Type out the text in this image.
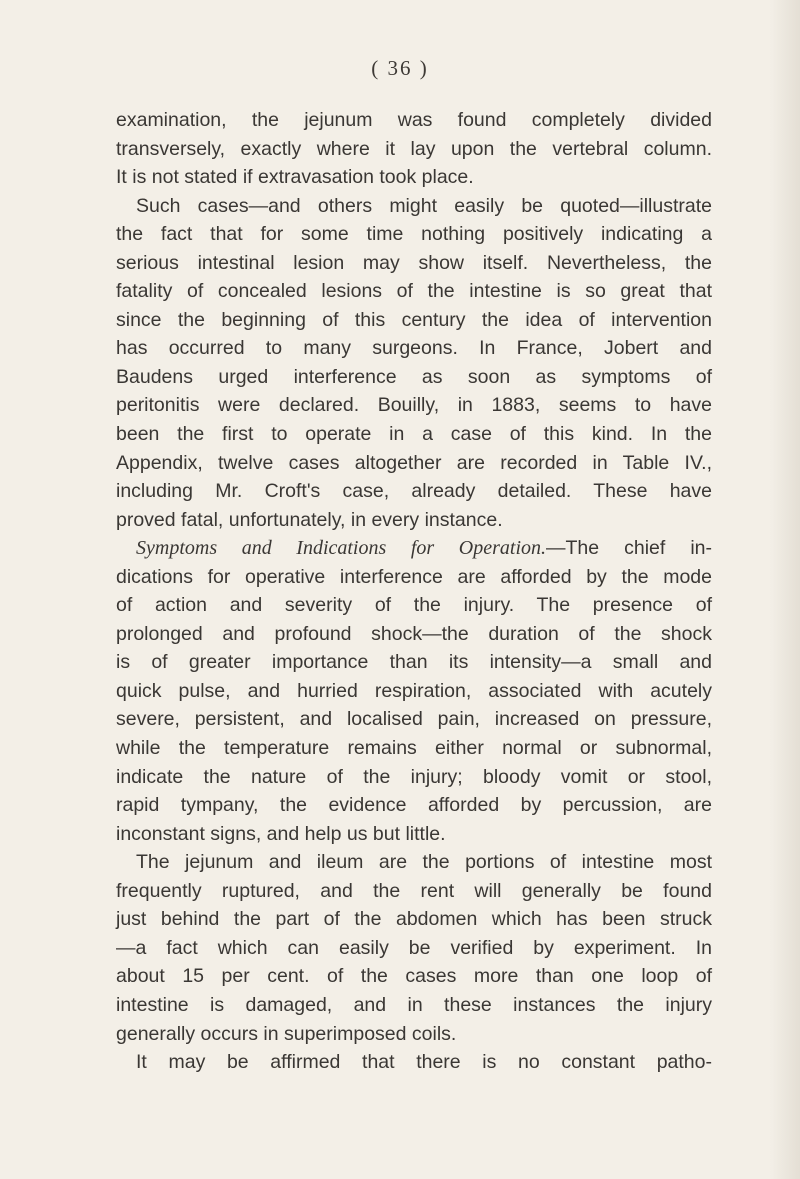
( 36 )
examination, the jejunum was found completely divided
transversely, exactly where it lay upon the vertebral column.
It is not stated if extravasation took place.
Such cases—and others might easily be quoted—illustrate
the fact that for some time nothing positively indicating a
serious intestinal lesion may show itself. Nevertheless, the
fatality of concealed lesions of the intestine is so great that
since the beginning of this century the idea of intervention
has occurred to many surgeons. In France, Jobert and
Baudens urged interference as soon as symptoms of
peritonitis were declared. Bouilly, in 1883, seems to have
been the first to operate in a case of this kind. In the
Appendix, twelve cases altogether are recorded in Table IV.,
including Mr. Croft's case, already detailed. These have
proved fatal, unfortunately, in every instance.
Symptoms and Indications for Operation.—The chief in-
dications for operative interference are afforded by the mode
of action and severity of the injury. The presence of
prolonged and profound shock—the duration of the shock
is of greater importance than its intensity—a small and
quick pulse, and hurried respiration, associated with acutely
severe, persistent, and localised pain, increased on pressure,
while the temperature remains either normal or subnormal,
indicate the nature of the injury; bloody vomit or stool,
rapid tympany, the evidence afforded by percussion, are
inconstant signs, and help us but little.
The jejunum and ileum are the portions of intestine most
frequently ruptured, and the rent will generally be found
just behind the part of the abdomen which has been struck
—a fact which can easily be verified by experiment. In
about 15 per cent. of the cases more than one loop of
intestine is damaged, and in these instances the injury
generally occurs in superimposed coils.
It may be affirmed that there is no constant patho-
